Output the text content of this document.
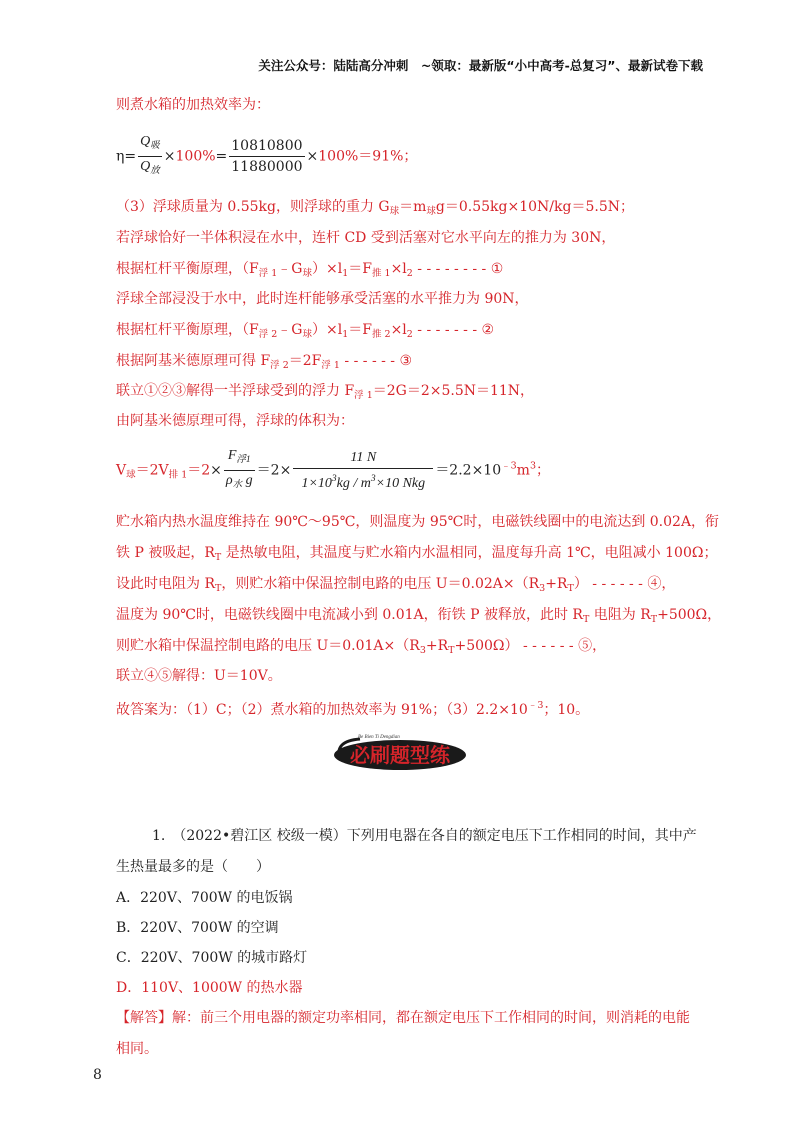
关注公众号：陆陆高分冲刺　~领取：最新版“小中高考-总复习”、最新试卷下载
则煮水箱的加热效率为：
$\eta= \frac{Q_吸}{Q_放} \times 100\%= \frac{10810800}{11880000} \times 100\%=91\%$；
（3）浮球质量为 0.55kg，则浮球的重力 $G_球=m_球g=0.55kg\times 10N/kg=5.5N$；
若浮球恰好一半体积浸在水中，连杆 CD 受到活塞对它水平向左的推力为 30N，
根据杠杆平衡原理，$(F_{浮 1}﹣G_球)\times l_1=F_{推 1}\times l_2$ - - - - - - - - ①
浮球全部浸没于水中，此时连杆能够承受活塞的水平推力为 90N，
根据杠杆平衡原理，$(F_{浮 2}﹣G_球)\times l_1=F_{推 2}\times l_2$ - - - - - - - ②
根据阿基米德原理可得 $F_{浮 2}=2F_{浮 1}$ - - - - - - ③
联立①②③解得一半浮球受到的浮力 $F_{浮 1}=2G=2\times 5.5N=11N$，
由阿基米德原理可得，浮球的体积为：
$V_球=2V_{排 1}=2\times \frac{F_{浮1}}{\rho_水 g} =2\times \frac{11 N}{1\times 10^3kg / m^3\times 10 Nkg} =2.2\times 10^{﹣3}m^3$；
贮水箱内热水温度维持在 90℃～95℃，则温度为 95℃时，电磁铁线圈中的电流达到 0.02A，衔
铁 P 被吸起，$R_T$ 是热敏电阻，其温度与贮水箱内水温相同，温度每升高 1℃，电阻减小 100Ω；
设此时电阻为 $R_T$，则贮水箱中保温控制电路的电压 $U=0.02A\times(R_3+R_T)$ - - - - - - ④，
温度为 90℃时，电磁铁线圈中电流减小到 0.01A，衔铁 P 被释放，此时 $R_T$ 电阻为 $R_T+500\Omega$，
则贮水箱中保温控制电路的电压 $U=0.01A\times(R_3+R_T+500\Omega)$ - - - - - - ⑤，
联立④⑤解得：U＝10V。
故答案为：（1）C；（2）煮水箱的加热效率为 91%；$(3)2.2\times 10^{﹣3}$；10。
Be Bien Ti Dengdian
必刷题型练
1.　（2022•碧江区 校级一模）下列用电器在各自的额定电压下工作相同的时间，其中产
生热量最多的是（　　）
A．220V、700W 的电饭锅
B．220V、700W 的空调
C．220V、700W 的城市路灯
D．110V、1000W 的热水器
【解答】解：前三个用电器的额定功率相同，都在额定电压下工作相同的时间，则消耗的电能
相同。
8
